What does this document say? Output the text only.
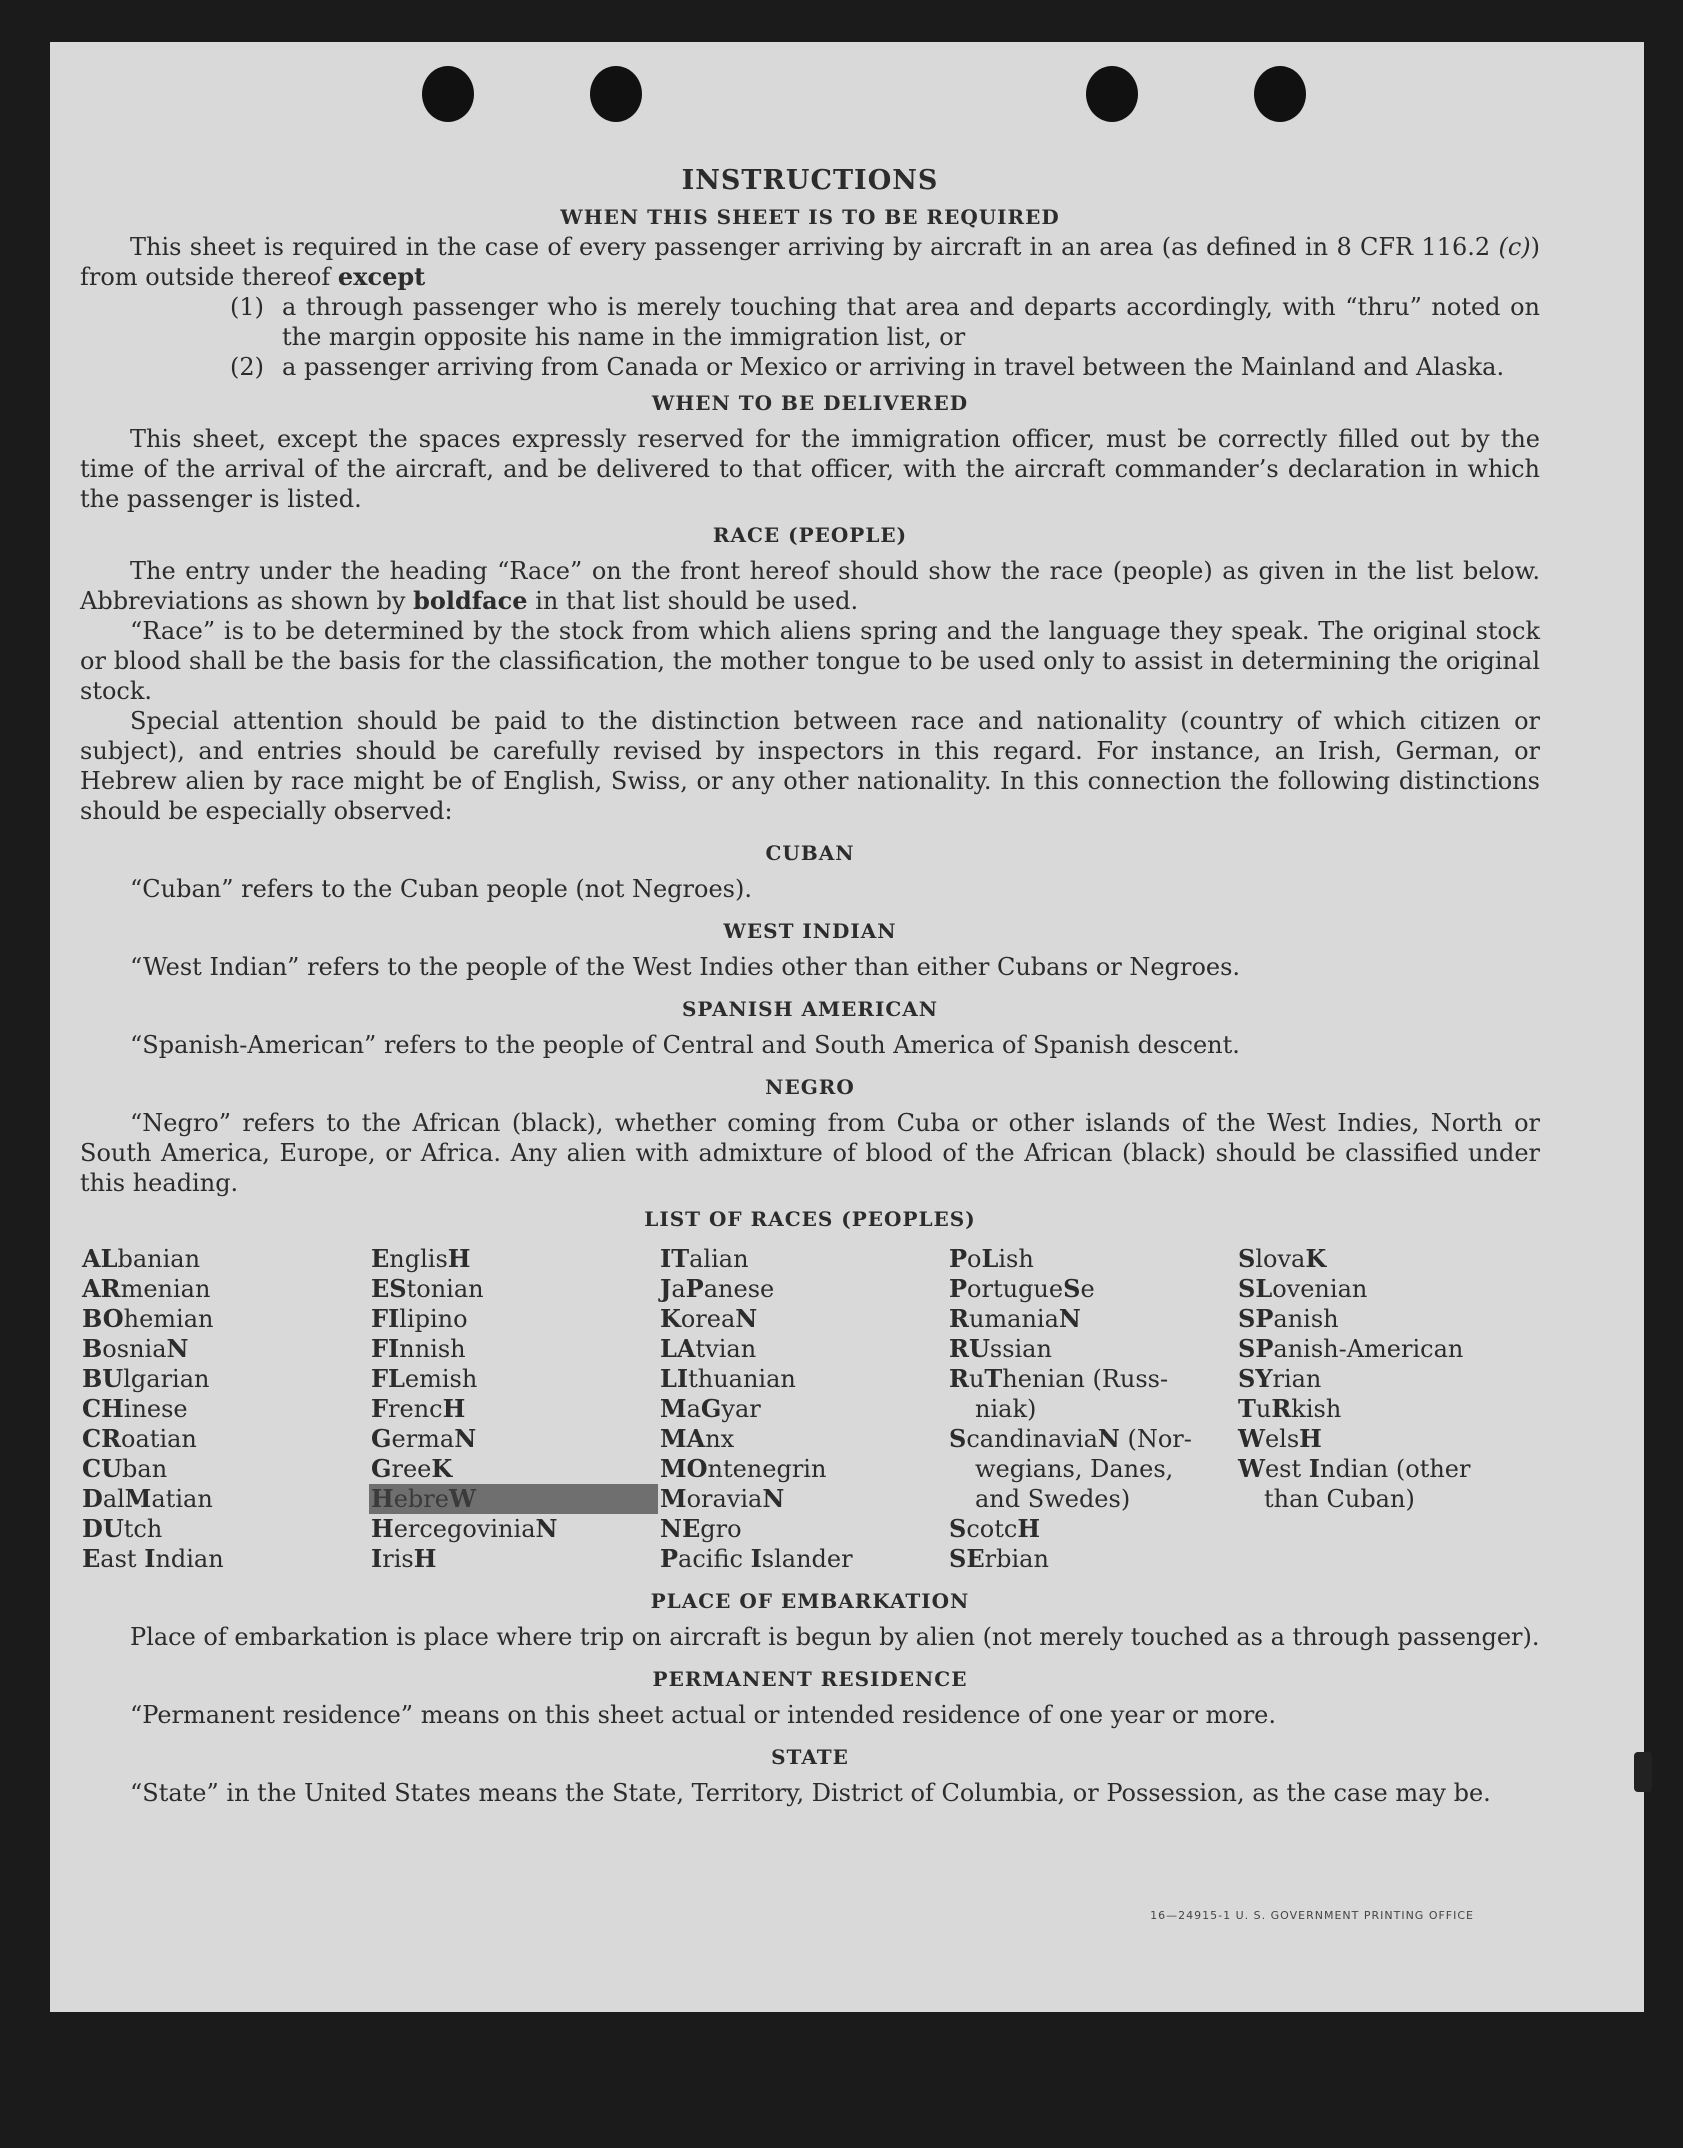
INSTRUCTIONS
WHEN THIS SHEET IS TO BE REQUIRED

This sheet is required in the case of every passenger arriving by aircraft in an area (as defined in 8 CFR 116.2 (c)) from outside thereof except

(1) a through passenger who is merely touching that area and departs accordingly, with “thru” noted on the margin opposite his name in the immigration list, or
(2) a passenger arriving from Canada or Mexico or arriving in travel between the Mainland and Alaska.
WHEN TO BE DELIVERED

This sheet, except the spaces expressly reserved for the immigration officer, must be correctly filled out by the time of the arrival of the aircraft, and be delivered to that officer, with the aircraft commander’s declaration in which the passenger is listed.

RACE (PEOPLE)

The entry under the heading “Race” on the front hereof should show the race (people) as given in the list below. Abbreviations as shown by boldface in that list should be used.

“Race” is to be determined by the stock from which aliens spring and the language they speak. The original stock or blood shall be the basis for the classification, the mother tongue to be used only to assist in determining the original stock.

Special attention should be paid to the distinction between race and nationality (country of which citizen or subject), and entries should be carefully revised by inspectors in this regard. For instance, an Irish, German, or Hebrew alien by race might be of English, Swiss, or any other nationality. In this connection the following distinctions should be especially observed:

CUBAN

“Cuban” refers to the Cuban people (not Negroes).

WEST INDIAN

“West Indian” refers to the people of the West Indies other than either Cubans or Negroes.

SPANISH AMERICAN

“Spanish-American” refers to the people of Central and South America of Spanish descent.

NEGRO

“Negro” refers to the African (black), whether coming from Cuba or other islands of the West Indies, North or South America, Europe, or Africa. Any alien with admixture of blood of the African (black) should be classified under this heading.

LIST OF RACES (PEOPLES)
ALbanian
ARmenian
BOhemian
BosniaN
BUlgarian
CHinese
CRoatian
CUban
DalMatian
DUtch
East Indian
EnglisH
EStonian
FIlipino
FInnish
FLemish
FrencH
GermaN
GreeK
HebreW
HercegoviniaN
IrisH
ITalian
JaPanese
KoreaN
LAtvian
LIthuanian
MaGyar
MAnx
MOntenegrin
MoraviaN
NEgro
Pacific Islander
PoLish
PortugueSe
RumaniaN
RUssian
RuThenian (Russ-
niak)
ScandinaviaN (Nor-
wegians, Danes,
and Swedes)
ScotcH
SErbian
SlovaK
SLovenian
SPanish
SPanish-American
SYrian
TuRkish
WelsH
West Indian (other
than Cuban)
PLACE OF EMBARKATION

Place of embarkation is place where trip on aircraft is begun by alien (not merely touched as a through passenger).

PERMANENT RESIDENCE

“Permanent residence” means on this sheet actual or intended residence of one year or more.

STATE

“State” in the United States means the State, Territory, District of Columbia, or Possession, as the case may be.

16—24915-1 U. S. GOVERNMENT PRINTING OFFICE
